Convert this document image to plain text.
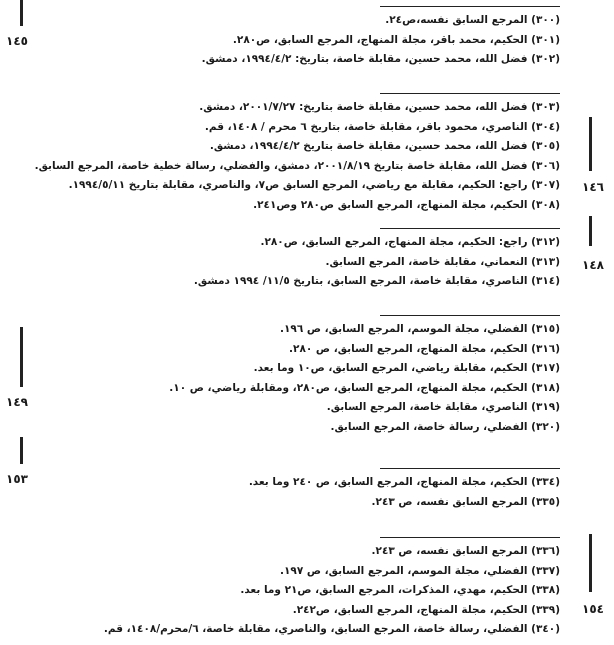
(٣٠٠) المرجع السابق نفسه،ص٢٤.
(٣٠١) الحكيم، محمد باقر، مجلة المنهاج، المرجع السابق، ص٢٨٠.
(٣٠٢) فضل الله، محمد حسين، مقابلة خاصة، بتاريخ: ١٩٩٤/٤/٢، دمشق.
(٣٠٣) فضل الله، محمد حسين، مقابلة خاصة بتاريخ: ٢٠٠١/٧/٢٧، دمشق.
(٣٠٤) الناصري، محمود باقر، مقابلة خاصة، بتاريخ ٦ محرم / ١٤٠٨، قم.
(٣٠٥) فضل الله، محمد حسين، مقابلة خاصة بتاريخ ١٩٩٤/٤/٢، دمشق.
(٣٠٦) فضل الله، مقابلة خاصة بتاريخ ٢٠٠١/٨/١٩، دمشق، والفضلي، رسالة خطية خاصة، المرجع السابق.
(٣٠٧) راجع: الحكيم، مقابلة مع رياضي، المرجع السابق ص٧، والناصري، مقابلة بتاريخ ١٩٩٤/٥/١١.
(٣٠٨) الحكيم، مجلة المنهاج، المرجع السابق ص٢٨٠ وص٢٤١.
(٣١٢) راجع: الحكيم، مجلة المنهاج، المرجع السابق، ص٢٨٠.
(٣١٣) النعماني، مقابلة خاصة، المرجع السابق.
(٣١٤) الناصري، مقابلة خاصة، المرجع السابق، بتاريخ ١١/٥/ ١٩٩٤ دمشق.
(٣١٥) الفضلي، مجلة الموسم، المرجع السابق، ص ١٩٦.
(٣١٦) الحكيم، مجلة المنهاج، المرجع السابق، ص ٢٨٠.
(٣١٧) الحكيم، مقابلة رياضي، المرجع السابق، ص١٠ وما بعد.
(٣١٨) الحكيم، مجلة المنهاج، المرجع السابق، ص٢٨٠، ومقابلة رياضي، ص ١٠.
(٣١٩) الناصري، مقابلة خاصة، المرجع السابق.
(٣٢٠) الفضلي، رسالة خاصة، المرجع السابق.
(٣٣٤) الحكيم، مجلة المنهاج، المرجع السابق، ص ٢٤٠ وما بعد.
(٣٣٥) المرجع السابق نفسه، ص ٢٤٣.
(٣٣٦) المرجع السابق نفسه، ص ٢٤٣.
(٣٣٧) الفضلي، مجلة الموسم، المرجع السابق، ص ١٩٧.
(٣٣٨) الحكيم، مهدي، المذكرات، المرجع السابق، ص٢١ وما بعد.
(٣٣٩) الحكيم، مجلة المنهاج، المرجع السابق، ص٢٤٢.
(٣٤٠) الفضلي، رسالة خاصة، المرجع السابق، والناصري، مقابلة خاصة، ٦/محرم/١٤٠٨، قم.
١٤٥
١٤٦
١٤٨
١٤٩
١٥٣
١٥٤
